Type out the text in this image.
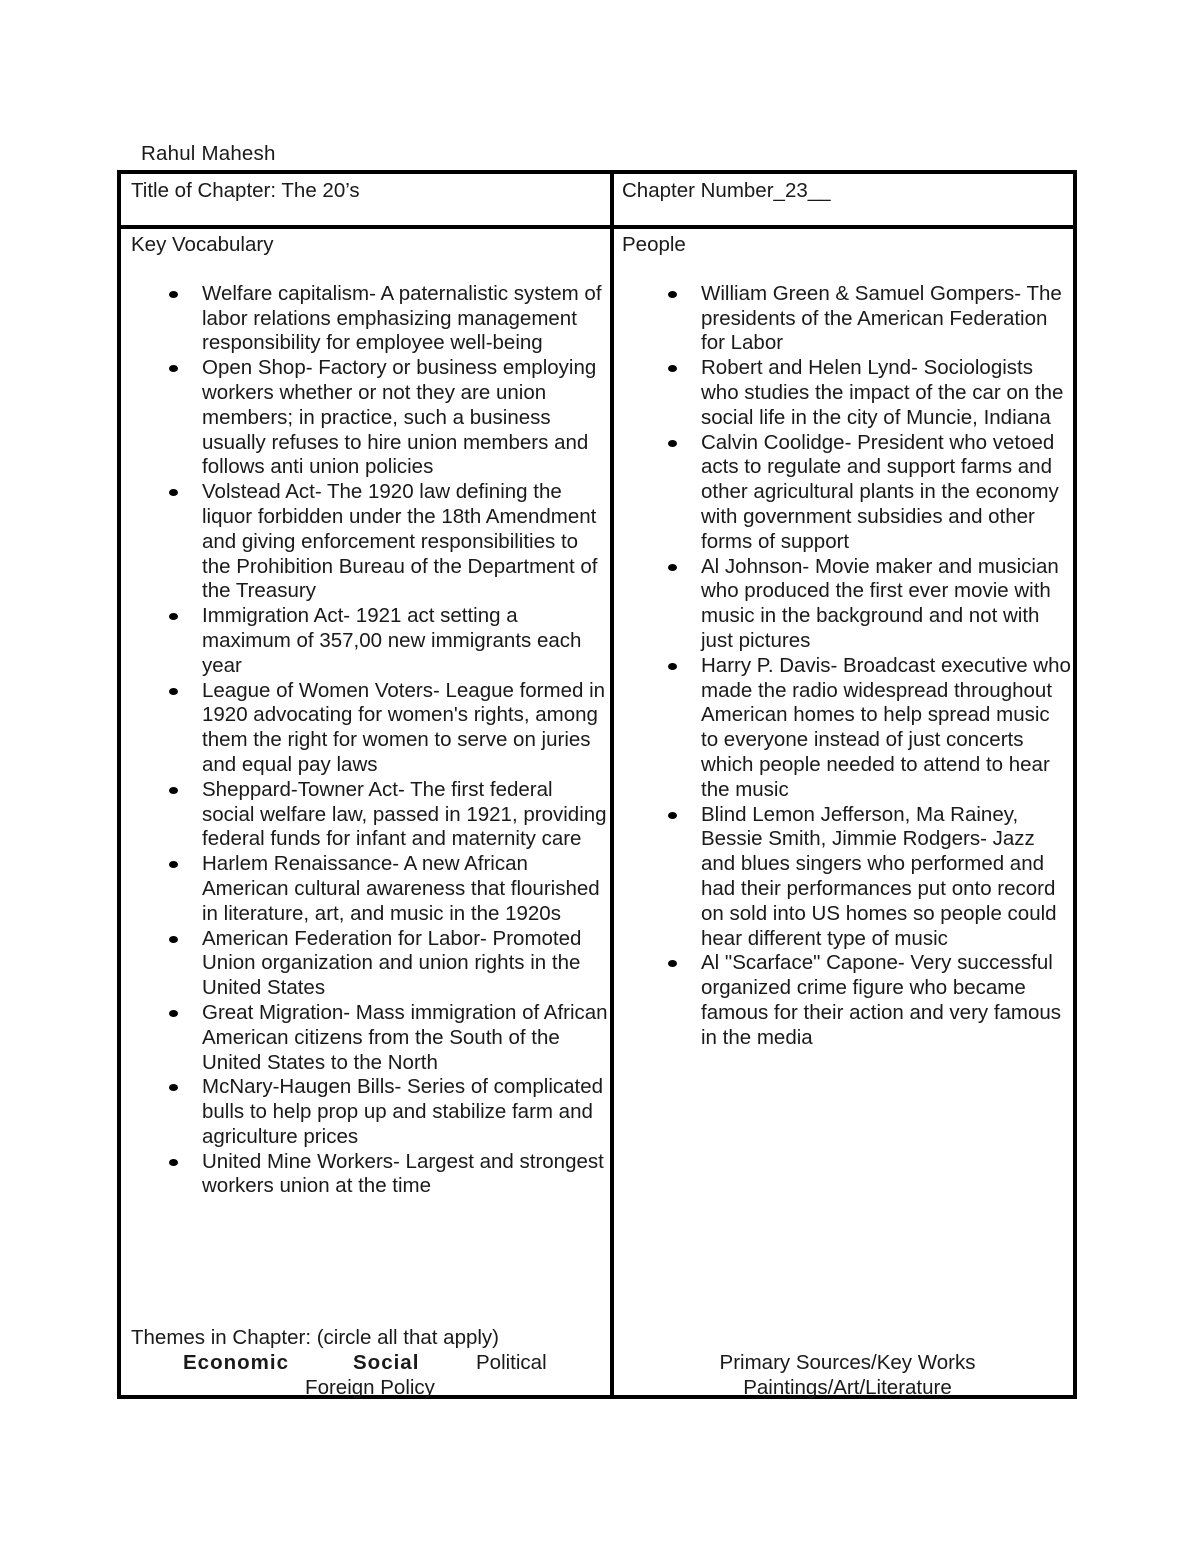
Rahul Mahesh
Title of Chapter: The 20’s	Chapter Number_23__
Key Vocabulary
Welfare capitalism- A paternalistic system of labor relations emphasizing management responsibility for employee well-being
Open Shop- Factory or business employing workers whether or not they are union members; in practice, such a business usually refuses to hire union members and follows anti union policies
Volstead Act- The 1920 law defining the liquor forbidden under the 18th Amendment and giving enforcement responsibilities to the Prohibition Bureau of the Department of the Treasury
Immigration Act- 1921 act setting a maximum of 357,00 new immigrants each year
League of Women Voters- League formed in 1920 advocating for women's rights, among them the right for women to serve on juries and equal pay laws
Sheppard-Towner Act- The first federal social welfare law, passed in 1921, providing federal funds for infant and maternity care
Harlem Renaissance- A new African American cultural awareness that flourished in literature, art, and music in the 1920s
American Federation for Labor- Promoted Union organization and union rights in the United States
Great Migration- Mass immigration of African American citizens from the South of the United States to the North
McNary-Haugen Bills- Series of complicated bulls to help prop up and stabilize farm and agriculture prices
United Mine Workers- Largest and strongest workers union at the time
People
William Green & Samuel Gompers- The presidents of the American Federation for Labor
Robert and Helen Lynd- Sociologists who studies the impact of the car on the social life in the city of Muncie, Indiana
Calvin Coolidge- President who vetoed acts to regulate and support farms and other agricultural plants in the economy with government subsidies and other forms of support
Al Johnson- Movie maker and musician who produced the first ever movie with music in the background and not with just pictures
Harry P. Davis- Broadcast executive who made the radio widespread throughout American homes to help spread music to everyone instead of just concerts which people needed to attend to hear the music
Blind Lemon Jefferson, Ma Rainey, Bessie Smith, Jimmie Rodgers- Jazz and blues singers who performed and had their performances put onto record on sold into US homes so people could hear different type of music
Al "Scarface" Capone- Very successful organized crime figure who became famous for their action and very famous in the media
Themes in Chapter: (circle all that apply)
Economic	Social	Political
Foreign Policy
Primary Sources/Key Works
Paintings/Art/Literature
